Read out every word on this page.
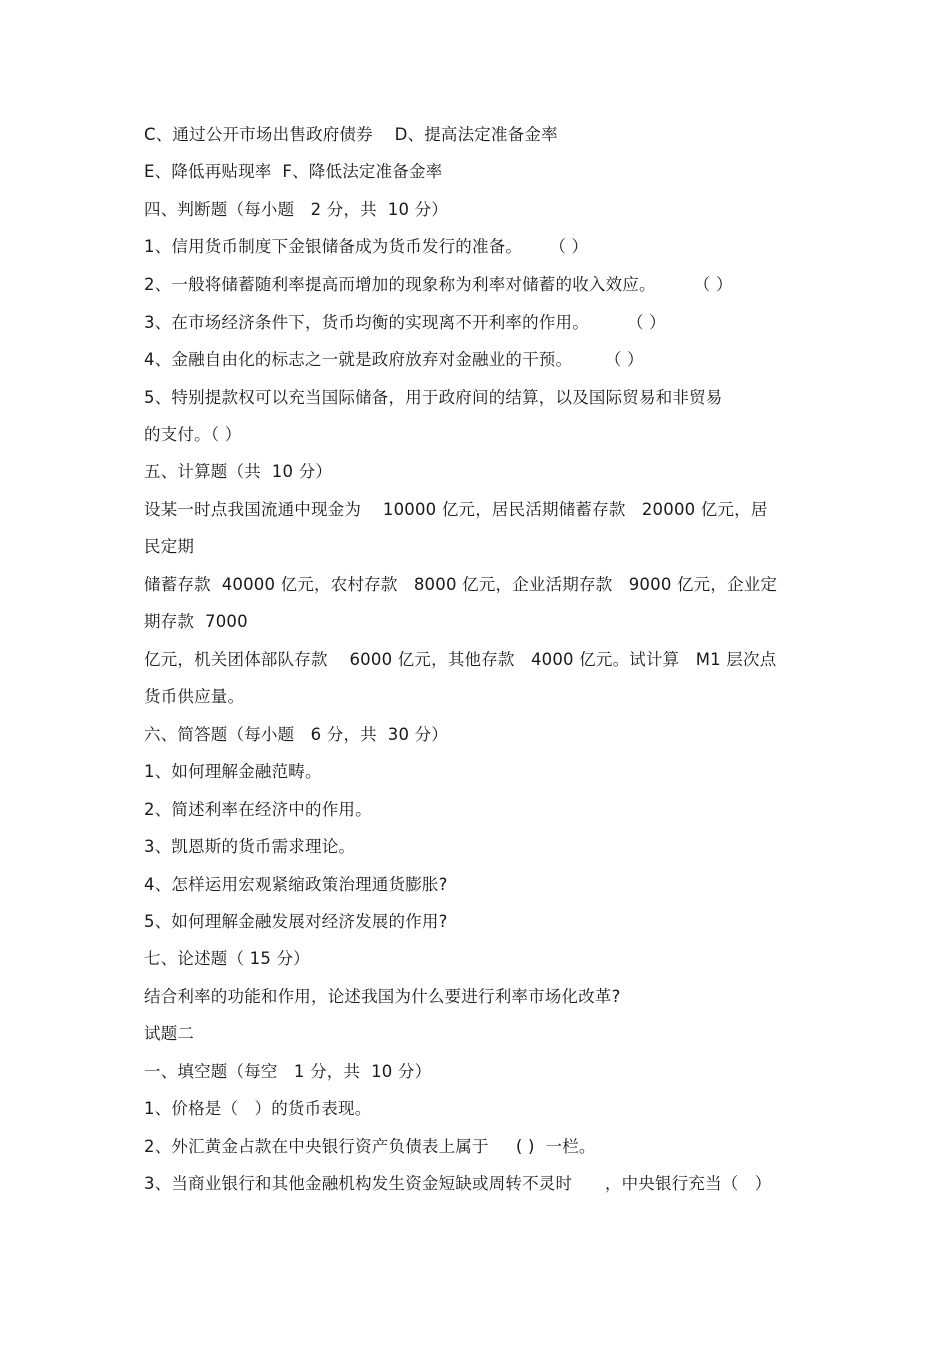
C、通过公开市场出售政府债券    D、提高法定准备金率
E、降低再贴现率  F、降低法定准备金率
四、判断题（每小题   2 分，共  10 分）
1、信用货币制度下金银储备成为货币发行的准备。     （ ）
2、一般将储蓄随利率提高而增加的现象称为利率对储蓄的收入效应。       （ ）
3、在市场经济条件下，货币均衡的实现离不开利率的作用。       （ ）
4、金融自由化的标志之一就是政府放弃对金融业的干预。      （ ）
5、特别提款权可以充当国际储备，用于政府间的结算，以及国际贸易和非贸易
的支付。（ ）
五、计算题（共  10 分）
设某一时点我国流通中现金为    10000 亿元，居民活期储蓄存款   20000 亿元，居
民定期
储蓄存款  40000 亿元，农村存款   8000 亿元，企业活期存款   9000 亿元，企业定
期存款  7000
亿元，机关团体部队存款    6000 亿元，其他存款   4000 亿元。试计算   M1 层次点
货币供应量。
六、简答题（每小题   6 分，共  30 分）
1、如何理解金融范畴。
2、简述利率在经济中的作用。
3、凯恩斯的货币需求理论。
4、怎样运用宏观紧缩政策治理通货膨胀?
5、如何理解金融发展对经济发展的作用?
七、论述题（ 15 分）
结合利率的功能和作用，论述我国为什么要进行利率市场化改革?
试题二
一、填空题（每空   1 分，共  10 分）
1、价格是（   ）的货币表现。
2、外汇黄金占款在中央银行资产负债表上属于     ( )  一栏。
3、当商业银行和其他金融机构发生资金短缺或周转不灵时      ，中央银行充当（   ）
